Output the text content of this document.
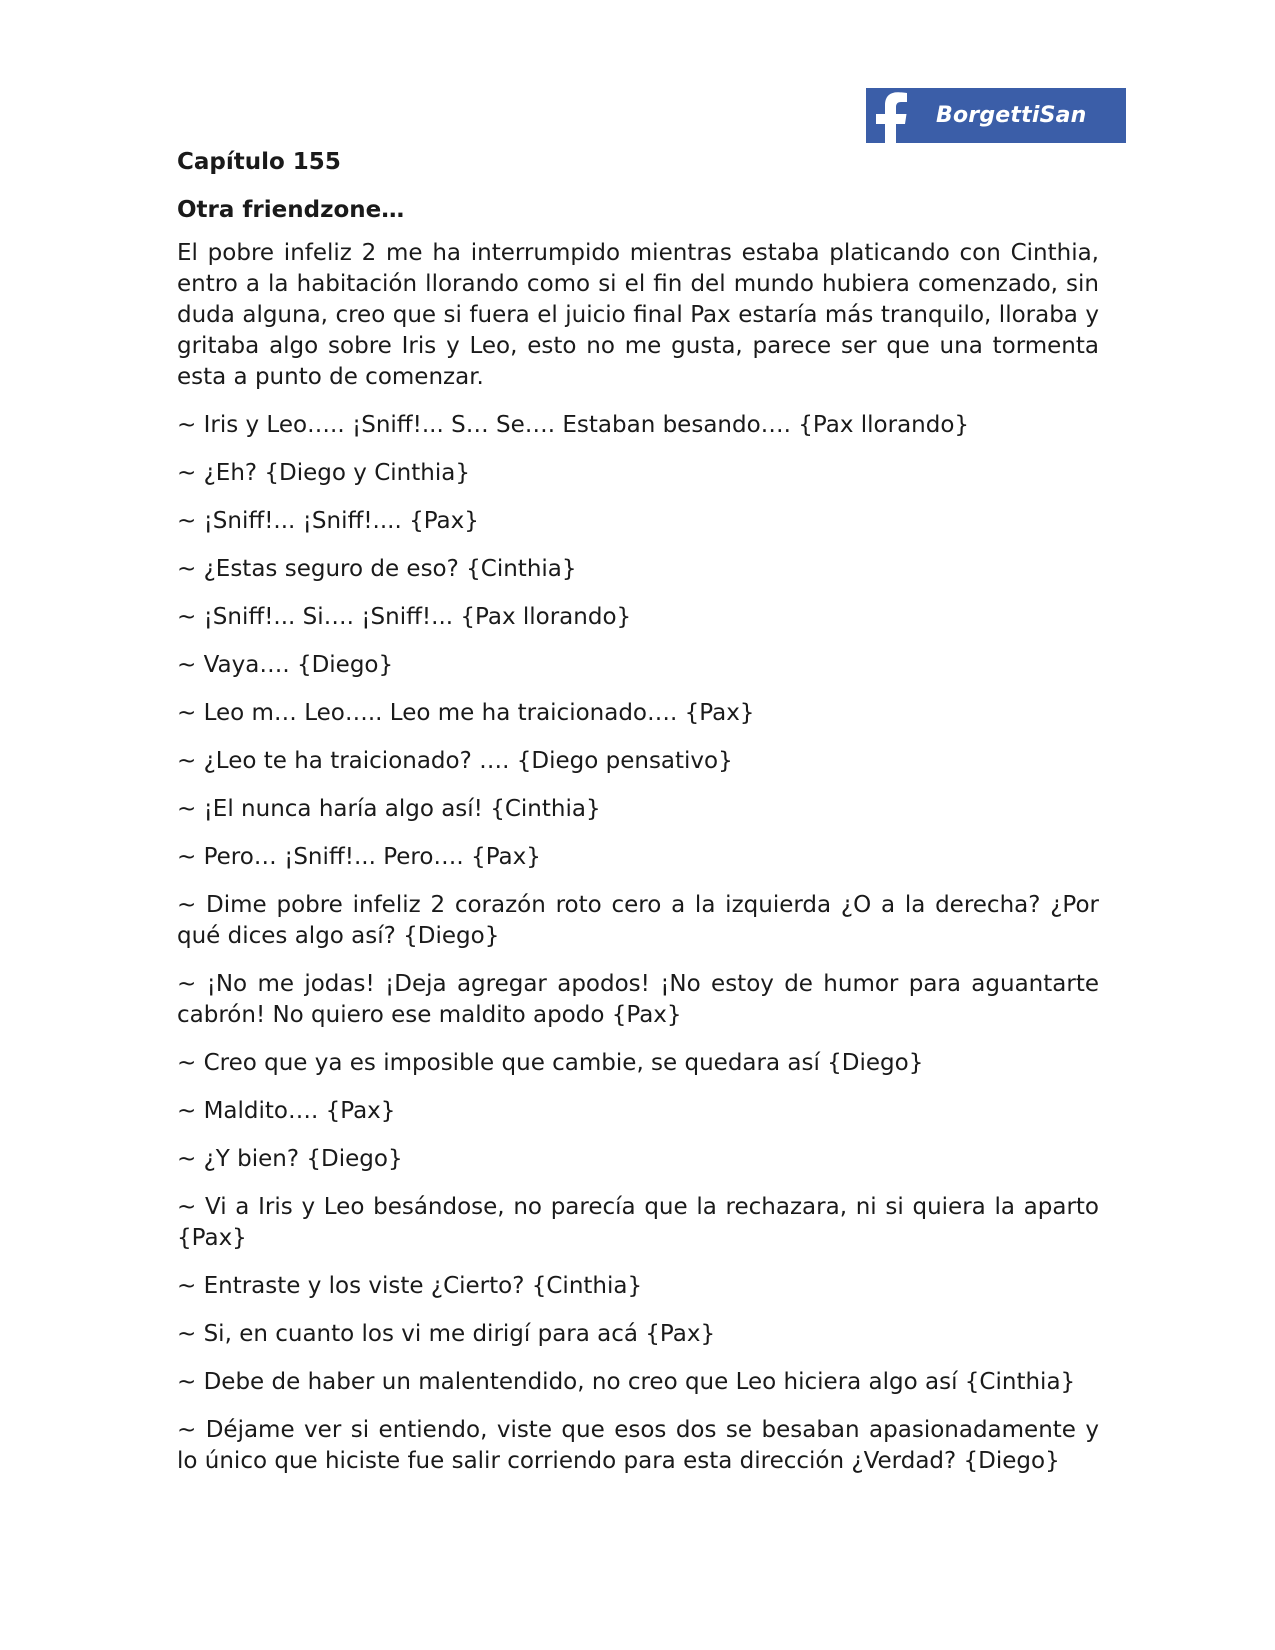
BorgettiSan
Capítulo 155
Otra friendzone…

El pobre infeliz 2 me ha interrumpido mientras estaba platicando con Cinthia, entro a la habitación llorando como si el fin del mundo hubiera comenzado, sin duda alguna, creo que si fuera el juicio final Pax estaría más tranquilo, lloraba y gritaba algo sobre Iris y Leo, esto no me gusta, parece ser que una tormenta esta a punto de comenzar.

~ Iris y Leo….. ¡Sniff!... S… Se…. Estaban besando…. {Pax llorando}

~ ¿Eh? {Diego y Cinthia}

~ ¡Sniff!... ¡Sniff!.... {Pax}

~ ¿Estas seguro de eso? {Cinthia}

~ ¡Sniff!... Si…. ¡Sniff!... {Pax llorando}

~ Vaya…. {Diego}

~ Leo m… Leo….. Leo me ha traicionado…. {Pax}

~ ¿Leo te ha traicionado? …. {Diego pensativo}

~ ¡El nunca haría algo así! {Cinthia}

~ Pero… ¡Sniff!... Pero…. {Pax}

~ Dime pobre infeliz 2 corazón roto cero a la izquierda ¿O a la derecha? ¿Por qué dices algo así? {Diego}

~ ¡No me jodas! ¡Deja agregar apodos! ¡No estoy de humor para aguantarte cabrón! No quiero ese maldito apodo {Pax}

~ Creo que ya es imposible que cambie, se quedara así {Diego}

~ Maldito…. {Pax}

~ ¿Y bien? {Diego}

~ Vi a Iris y Leo besándose, no parecía que la rechazara, ni si quiera la aparto {Pax}

~ Entraste y los viste ¿Cierto? {Cinthia}

~ Si, en cuanto los vi me dirigí para acá {Pax}

~ Debe de haber un malentendido, no creo que Leo hiciera algo así {Cinthia}

~ Déjame ver si entiendo, viste que esos dos se besaban apasionadamente y lo único que hiciste fue salir corriendo para esta dirección ¿Verdad? {Diego}
